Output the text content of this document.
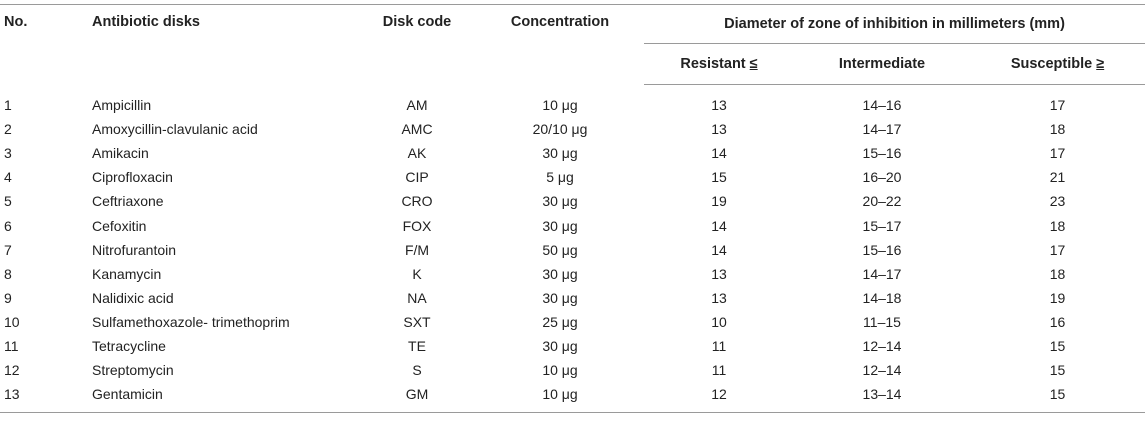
No.	Antibiotic disks	Disk code	Concentration	Diameter of zone of inhibition in millimeters (mm)		
				Resistant ≤	Intermediate	Susceptible ≥
1	Ampicillin	AM	10 μg	13	14–16	17
2	Amoxycillin-clavulanic acid	AMC	20/10 μg	13	14–17	18
3	Amikacin	AK	30 μg	14	15–16	17
4	Ciprofloxacin	CIP	5 μg	15	16–20	21
5	Ceftriaxone	CRO	30 μg	19	20–22	23
6	Cefoxitin	FOX	30 μg	14	15–17	18
7	Nitrofurantoin	F/M	50 μg	14	15–16	17
8	Kanamycin	K	30 μg	13	14–17	18
9	Nalidixic acid	NA	30 μg	13	14–18	19
10	Sulfamethoxazole- trimethoprim	SXT	25 μg	10	11–15	16
11	Tetracycline	TE	30 μg	11	12–14	15
12	Streptomycin	S	10 μg	11	12–14	15
13	Gentamicin	GM	10 μg	12	13–14	15
